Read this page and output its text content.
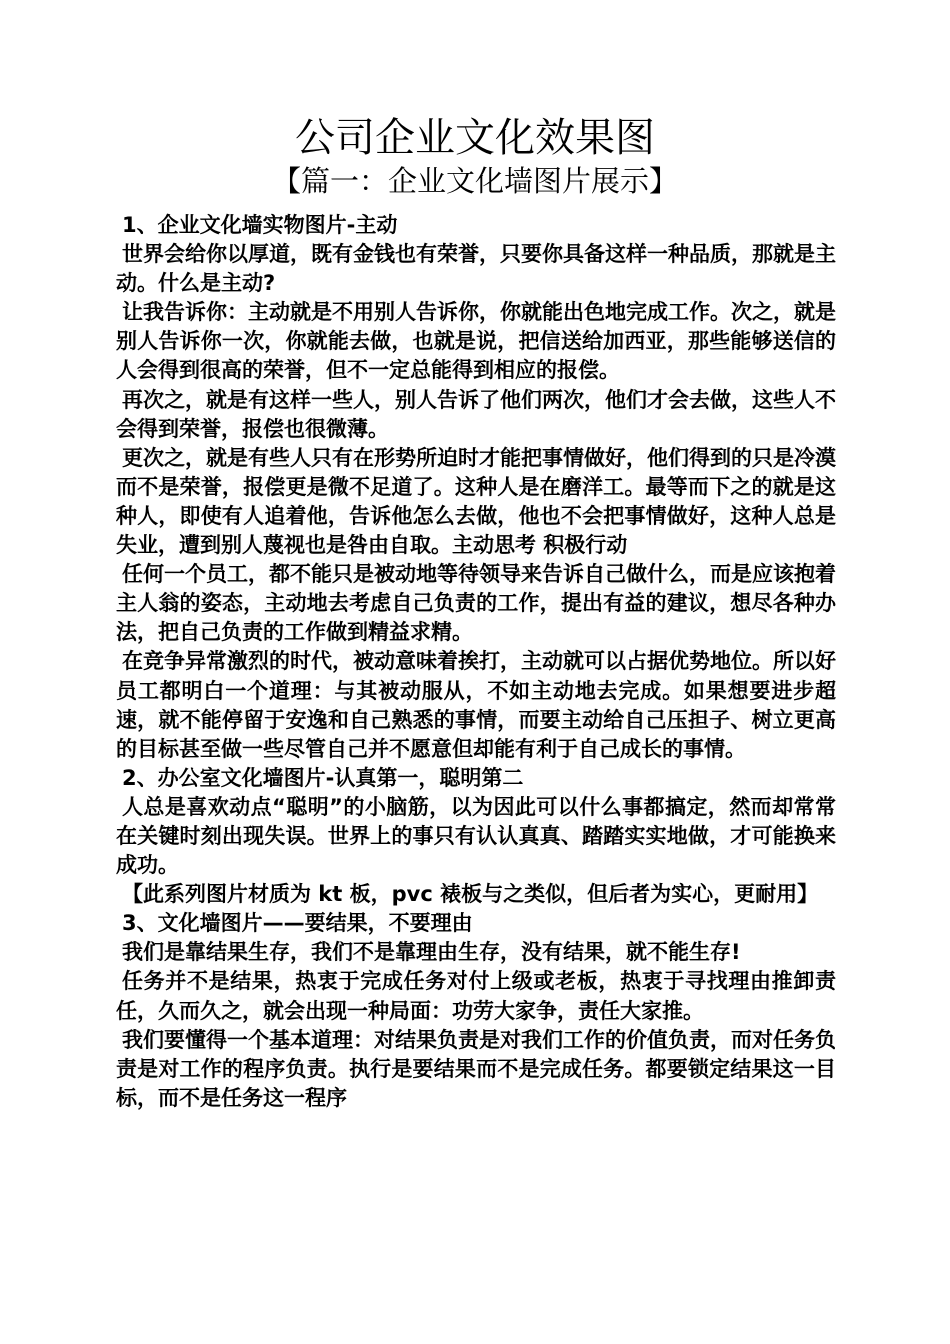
公司企业文化效果图
【篇一：企业文化墙图片展示】

1、企业文化墙实物图片-主动

世界会给你以厚道，既有金钱也有荣誉，只要你具备这样一种品质，那就是主动。什么是主动?

让我告诉你：主动就是不用别人告诉你，你就能出色地完成工作。次之，就是别人告诉你一次，你就能去做，也就是说，把信送给加西亚，那些能够送信的人会得到很高的荣誉，但不一定总能得到相应的报偿。

再次之，就是有这样一些人，别人告诉了他们两次，他们才会去做，这些人不会得到荣誉，报偿也很微薄。

更次之，就是有些人只有在形势所迫时才能把事情做好，他们得到的只是冷漠而不是荣誉，报偿更是微不足道了。这种人是在磨洋工。最等而下之的就是这种人，即使有人追着他，告诉他怎么去做，他也不会把事情做好，这种人总是失业，遭到别人蔑视也是咎由自取。主动思考 积极行动

任何一个员工，都不能只是被动地等待领导来告诉自己做什么，而是应该抱着主人翁的姿态，主动地去考虑自己负责的工作，提出有益的建议，想尽各种办法，把自己负责的工作做到精益求精。

在竞争异常激烈的时代，被动意味着挨打，主动就可以占据优势地位。所以好员工都明白一个道理：与其被动服从，不如主动地去完成。如果想要进步超速，就不能停留于安逸和自己熟悉的事情，而要主动给自己压担子、树立更高的目标甚至做一些尽管自己并不愿意但却能有利于自己成长的事情。

2、办公室文化墙图片-认真第一，聪明第二

人总是喜欢动点“聪明”的小脑筋，以为因此可以什么事都搞定，然而却常常在关键时刻出现失误。世界上的事只有认认真真、踏踏实实地做，才可能换来成功。

【此系列图片材质为 kt 板，pvc 裱板与之类似，但后者为实心，更耐用】

3、文化墙图片——要结果，不要理由

我们是靠结果生存，我们不是靠理由生存，没有结果，就不能生存!

任务并不是结果，热衷于完成任务对付上级或老板，热衷于寻找理由推卸责任，久而久之，就会出现一种局面：功劳大家争，责任大家推。

我们要懂得一个基本道理：对结果负责是对我们工作的价值负责，而对任务负责是对工作的程序负责。执行是要结果而不是完成任务。都要锁定结果这一目标，而不是任务这一程序
